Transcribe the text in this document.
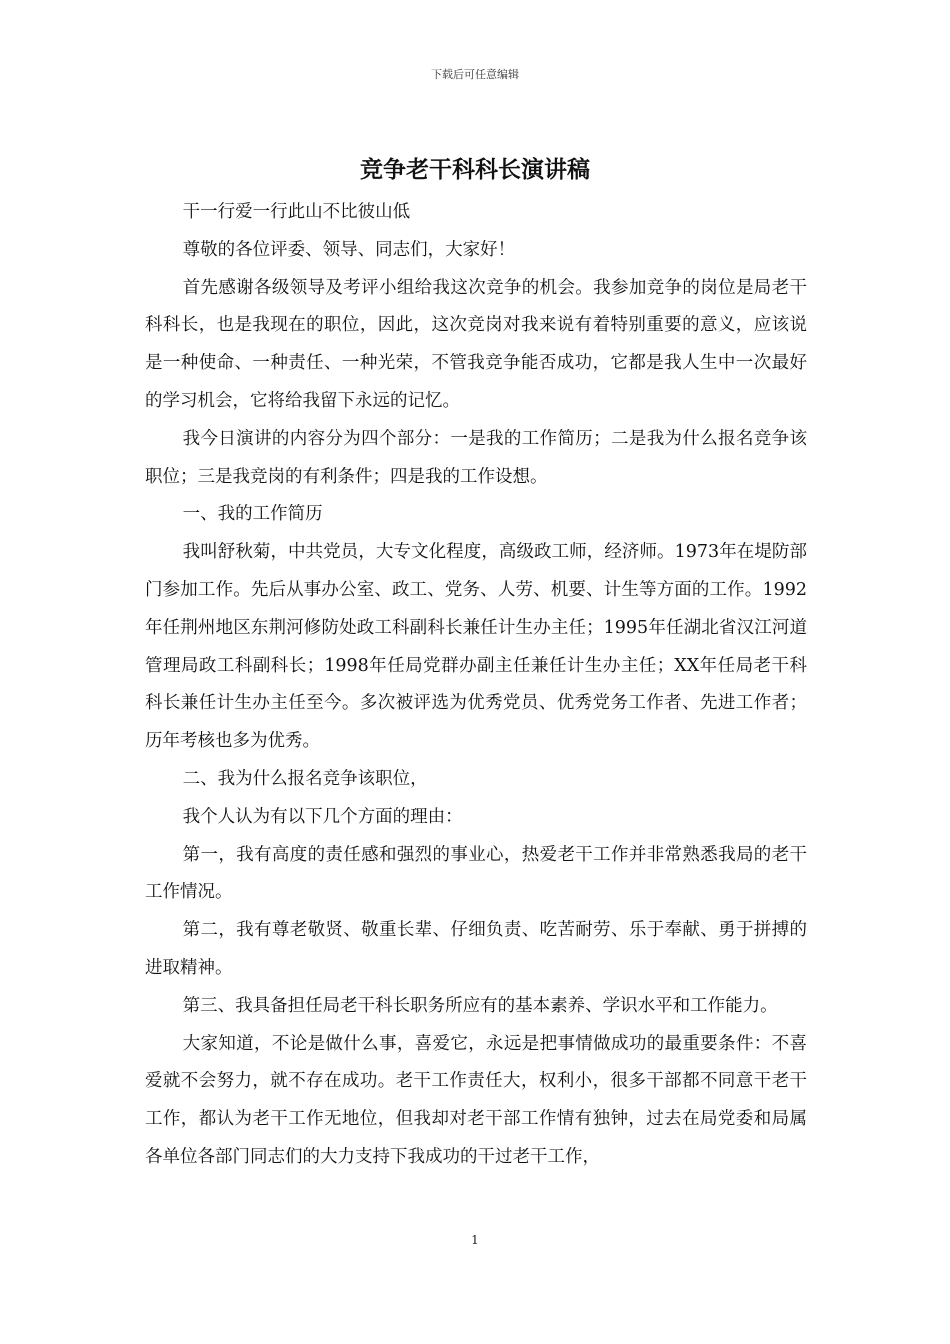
下载后可任意编辑
竞争老干科科长演讲稿

干一行爱一行此山不比彼山低

尊敬的各位评委、领导、同志们，大家好！

首先感谢各级领导及考评小组给我这次竞争的机会。我参加竞争的岗位是局老干科科长，也是我现在的职位，因此，这次竞岗对我来说有着特别重要的意义，应该说是一种使命、一种责任、一种光荣，不管我竞争能否成功，它都是我人生中一次最好的学习机会，它将给我留下永远的记忆。

我今日演讲的内容分为四个部分：一是我的工作简历；二是我为什么报名竞争该职位；三是我竞岗的有利条件；四是我的工作设想。

一、我的工作简历

我叫舒秋菊，中共党员，大专文化程度，高级政工师，经济师。1973年在堤防部门参加工作。先后从事办公室、政工、党务、人劳、机要、计生等方面的工作。1992年任荆州地区东荆河修防处政工科副科长兼任计生办主任；1995年任湖北省汉江河道管理局政工科副科长；1998年任局党群办副主任兼任计生办主任；XX年任局老干科科长兼任计生办主任至今。多次被评选为优秀党员、优秀党务工作者、先进工作者；历年考核也多为优秀。

二、我为什么报名竞争该职位，

我个人认为有以下几个方面的理由：

第一，我有高度的责任感和强烈的事业心，热爱老干工作并非常熟悉我局的老干工作情况。

第二，我有尊老敬贤、敬重长辈、仔细负责、吃苦耐劳、乐于奉献、勇于拼搏的进取精神。

第三、我具备担任局老干科长职务所应有的基本素养、学识水平和工作能力。

大家知道，不论是做什么事，喜爱它，永远是把事情做成功的最重要条件：不喜爱就不会努力，就不存在成功。老干工作责任大，权利小，很多干部都不同意干老干工作，都认为老干工作无地位，但我却对老干部工作情有独钟，过去在局党委和局属各单位各部门同志们的大力支持下我成功的干过老干工作，

1
